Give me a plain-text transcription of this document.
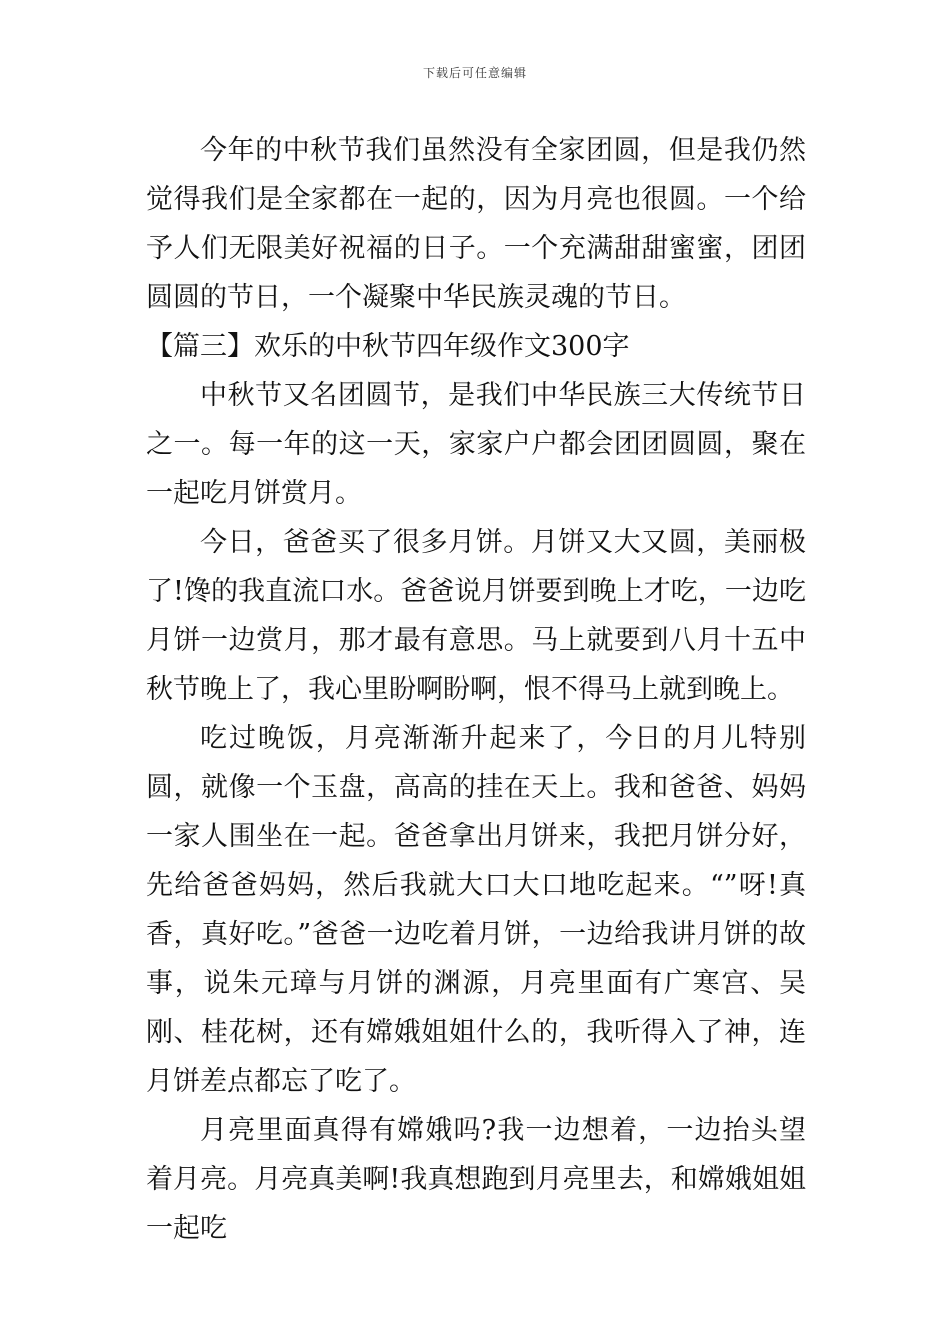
下载后可任意编辑

今年的中秋节我们虽然没有全家团圆，但是我仍然觉得我们是全家都在一起的，因为月亮也很圆。一个给予人们无限美好祝福的日子。一个充满甜甜蜜蜜，团团圆圆的节日，一个凝聚中华民族灵魂的节日。

【篇三】欢乐的中秋节四年级作文300字

中秋节又名团圆节，是我们中华民族三大传统节日之一。每一年的这一天，家家户户都会团团圆圆，聚在一起吃月饼赏月。

今日，爸爸买了很多月饼。月饼又大又圆，美丽极了!馋的我直流口水。爸爸说月饼要到晚上才吃，一边吃月饼一边赏月，那才最有意思。马上就要到八月十五中秋节晚上了，我心里盼啊盼啊，恨不得马上就到晚上。

吃过晚饭，月亮渐渐升起来了，今日的月儿特别圆，就像一个玉盘，高高的挂在天上。我和爸爸、妈妈一家人围坐在一起。爸爸拿出月饼来，我把月饼分好，先给爸爸妈妈，然后我就大口大口地吃起来。“”呀!真香，真好吃。”爸爸一边吃着月饼，一边给我讲月饼的故事，说朱元璋与月饼的渊源，月亮里面有广寒宫、吴刚、桂花树，还有嫦娥姐姐什么的，我听得入了神，连月饼差点都忘了吃了。

月亮里面真得有嫦娥吗?我一边想着，一边抬头望着月亮。月亮真美啊!我真想跑到月亮里去，和嫦娥姐姐一起吃
